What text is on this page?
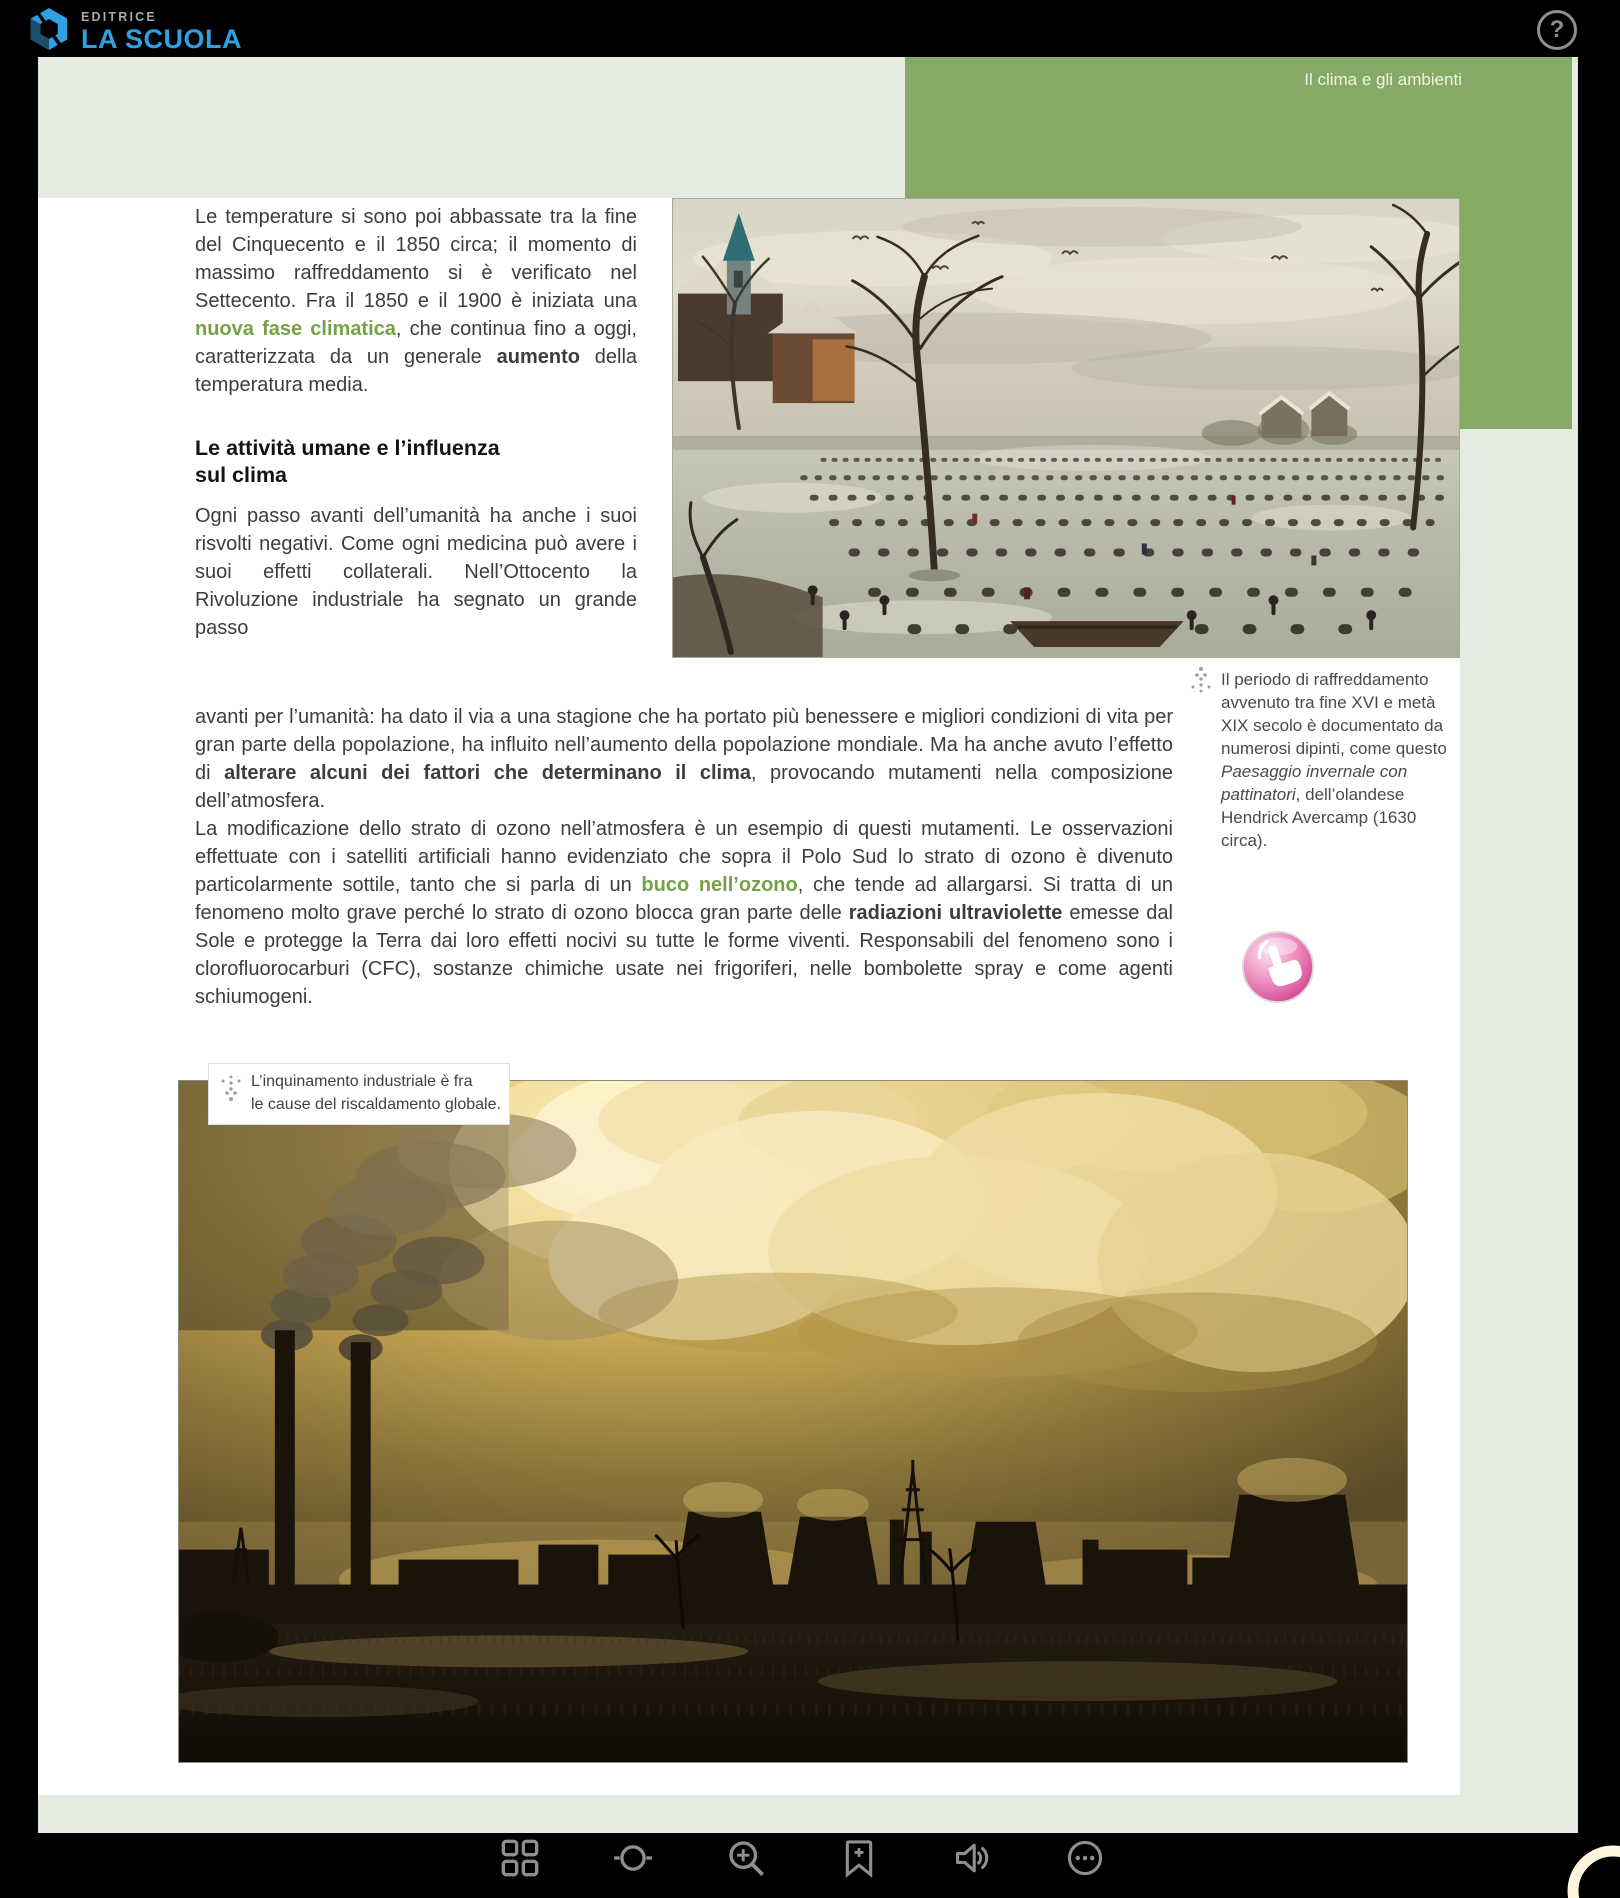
EDITRICE
LA SCUOLA	?
Il clima e gli ambienti

Le temperature si sono poi abbassate tra la fine del Cinquecento e il 1850 circa; il momento di massimo raffreddamento si è verificato nel Settecento. Fra il 1850 e il 1900 è iniziata una nuova fase climatica, che continua fino a oggi, caratterizzata da un generale aumento della temperatura media.

Le attività umane e l’influenza
sul clima

Ogni passo avanti dell’umanità ha anche i suoi risvolti negativi. Come ogni medicina può avere i suoi effetti collaterali. Nell’Ottocento la Rivoluzione industriale ha segnato un grande passo

avanti per l’umanità: ha dato il via a una stagione che ha portato più benessere e migliori condizioni di vita per gran parte della popolazione, ha influito nell’aumento della popolazione mondiale. Ma ha anche avuto l’effetto di alterare alcuni dei fattori che determinano il clima, provocando mutamenti nella composizione dell’atmosfera.

La modificazione dello strato di ozono nell’atmosfera è un esempio di questi mutamenti. Le osservazioni effettuate con i satelliti artificiali hanno evidenziato che sopra il Polo Sud lo strato di ozono è divenuto particolarmente sottile, tanto che si parla di un buco nell’ozono, che tende ad allargarsi. Si tratta di un fenomeno molto grave perché lo strato di ozono blocca gran parte delle radiazioni ultraviolette emesse dal Sole e protegge la Terra dai loro effetti nocivi su tutte le forme viventi. Responsabili del fenomeno sono i clorofluorocarburi (CFC), sostanze chimiche usate nei frigoriferi, nelle bombolette spray e come agenti schiumogeni.

Il periodo di raffreddamento avvenuto tra fine XVI e metà XIX secolo è documentato da numerosi dipinti, come questo Paesaggio invernale con pattinatori, dell’olandese Hendrick Avercamp (1630 circa).
L’inquinamento industriale è fra
le cause del riscaldamento globale.
